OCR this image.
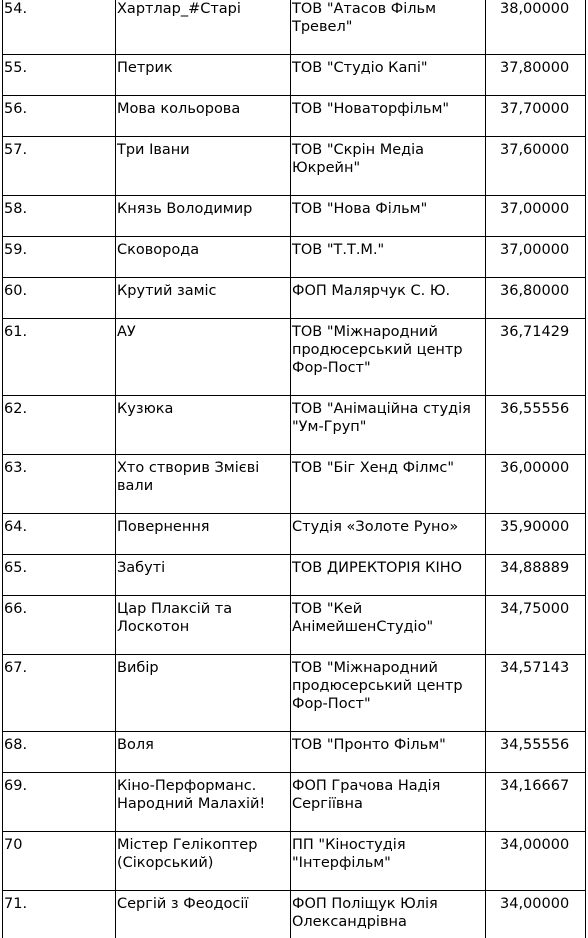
54.	Хартлар_#Старі	ТОВ "Атасов Фільм Тревел"	38,00000
55.	Петрик	ТОВ "Студіо Капі"	37,80000
56.	Мова кольорова	ТОВ "Новаторфільм"	37,70000
57.	Три Івани	ТОВ "Скрін Медіа Юкрейн"	37,60000
58.	Князь Володимир	ТОВ "Нова Фільм"	37,00000
59.	Сковорода	ТОВ "Т.Т.М."	37,00000
60.	Крутий заміс	ФОП Малярчук С. Ю.	36,80000
61.	АУ	ТОВ "Міжнародний продюсерський центр Фор-Пост"	36,71429
62.	Кузюка	ТОВ "Анімаційна студія "Ум-Груп"	36,55556
63.	Хто створив Змієві вали	ТОВ "Біг Хенд Філмс"	36,00000
64.	Повернення	Студія «Золоте Руно»	35,90000
65.	Забуті	ТОВ ДИРЕКТОРІЯ КІНО	34,88889
66.	Цар Плаксій та Лоскотон	ТОВ "Кей АнімейшенСтудіо"	34,75000
67.	Вибір	ТОВ "Міжнародний продюсерський центр Фор-Пост"	34,57143
68.	Воля	ТОВ "Пронто Фільм"	34,55556
69.	Кіно-Перформанс. Народний Малахій!	ФОП Грачова Надія Сергіївна	34,16667
70	Містер Гелікоптер (Сікорський)	ПП "Кіностудія "Інтерфільм"	34,00000
71.	Сергій з Феодосії	ФОП Поліщук Юлія Олександрівна	34,00000
